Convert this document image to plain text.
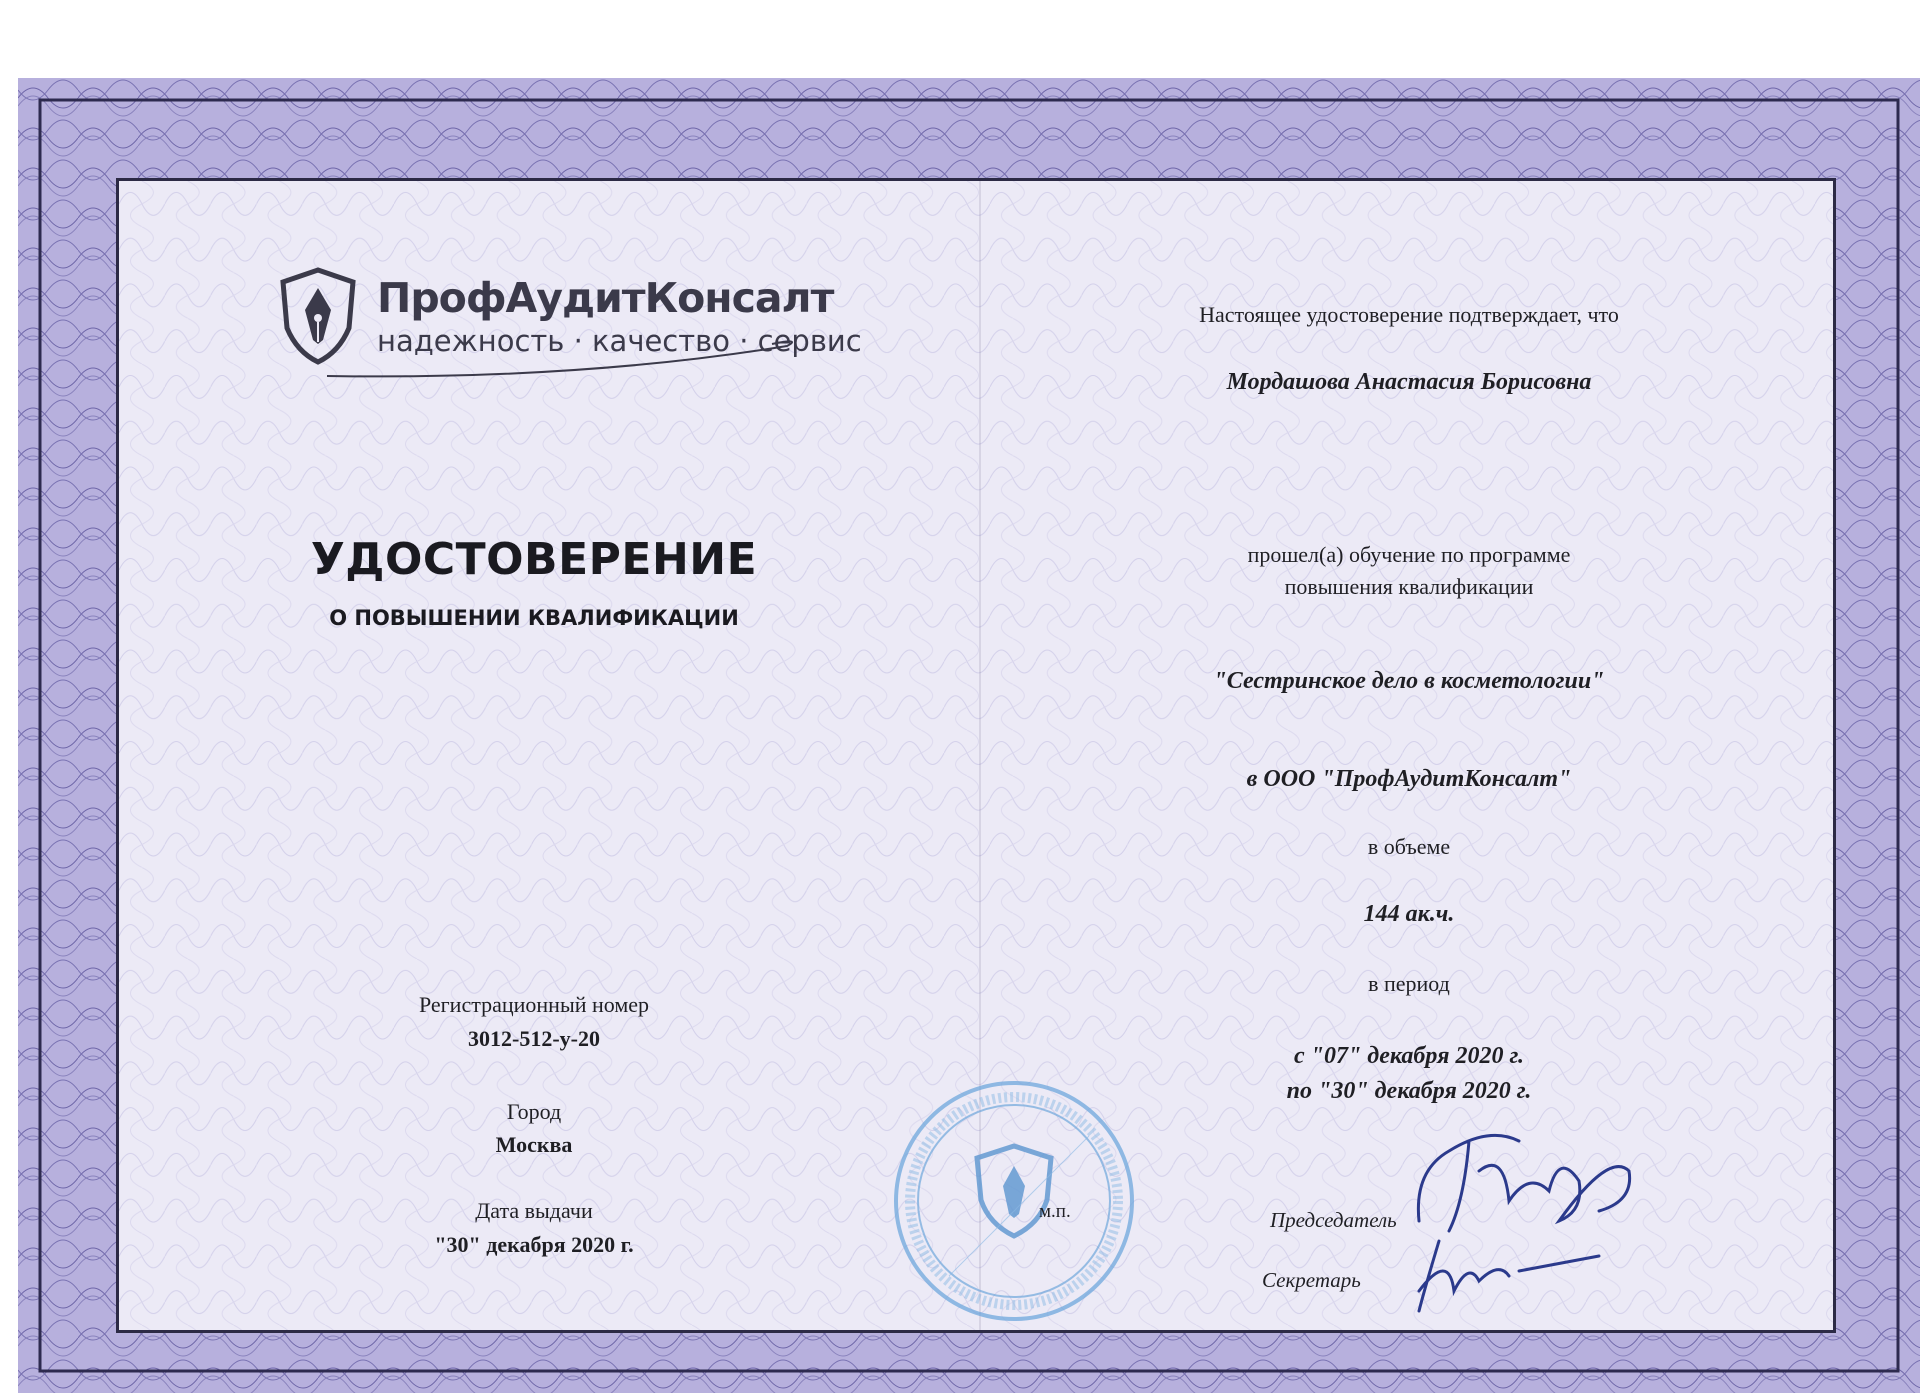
ПрофАудитКонсалт
надежность · качество · сервис
УДОСТОВЕРЕНИЕ
О ПОВЫШЕНИИ КВАЛИФИКАЦИИ
Регистрационный номер
3012-512-у-20
Город
Москва
Дата выдачи
"30" декабря 2020 г.
Настоящее удостоверение подтверждает, что
Мордашова Анастасия Борисовна
прошел(а) обучение по программе
повышения квалификации
"Сестринское дело в косметологии"
в ООО "ПрофАудитКонсалт"
в объеме
144 ак.ч.
в период
с "07" декабря 2020 г.
по "30" декабря 2020 г.
м.п.	Председатель
Секретарь
